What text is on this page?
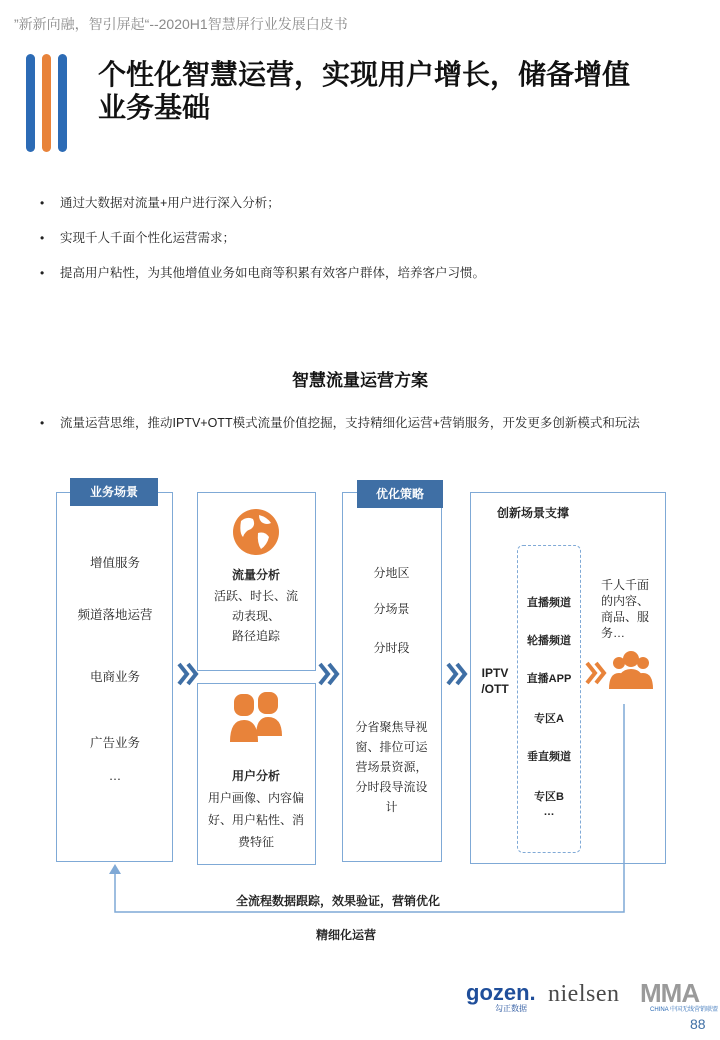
”新新向融，智引屏起“--2020H1智慧屏行业发展白皮书
个性化智慧运营，实现用户增长，储备增值
业务基础
• 通过大数据对流量+用户进行深入分析；
• 实现千人千面个性化运营需求；
• 提高用户粘性，为其他增值业务如电商等积累有效客户群体，培养客户习惯。
智慧流量运营方案
• 流量运营思维，推动IPTV+OTT模式流量价值挖掘，支持精细化运营+营销服务，开发更多创新模式和玩法
增值服务
频道落地运营
电商业务
广告业务
…
业务场景
流量分析
活跃、时长、流
动表现、
路径追踪
用户分析
用户画像、内容偏
好、用户粘性、消
费特征
分地区
分场景
分时段
分省聚焦导视
窗、排位可运
营场景资源，
分时段导流设
计
优化策略
创新场景支撑
IPTV
/OTT
直播频道
轮播频道
直播APP
专区A
垂直频道
专区B
…
千人千面
的内容、
商品、服
务…
全流程数据跟踪，效果验证，营销优化
精细化运营
gozen.
勾正数据
nielsen MMA
CHINA 中国无线营销联盟
88
